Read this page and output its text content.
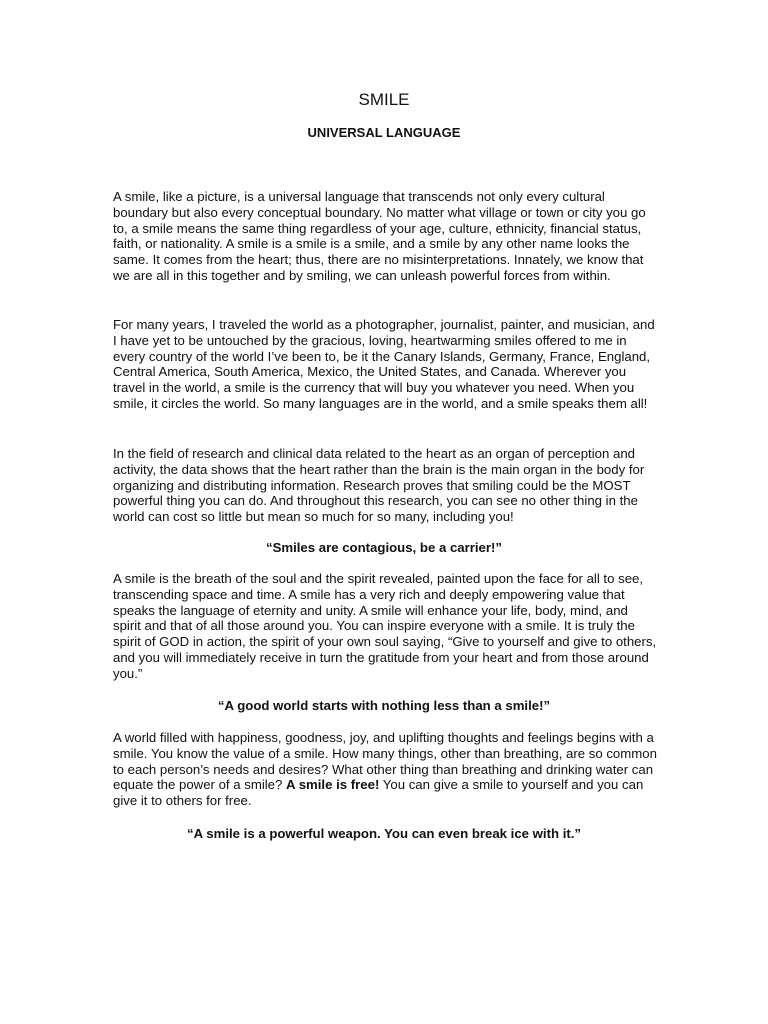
SMILE
UNIVERSAL LANGUAGE

A smile, like a picture, is a universal language that transcends not only every cultural boundary but also every conceptual boundary. No matter what village or town or city you go to, a smile means the same thing regardless of your age, culture, ethnicity, financial status, faith, or nationality. A smile is a smile is a smile, and a smile by any other name looks the same. It comes from the heart; thus, there are no misinterpretations. Innately, we know that we are all in this together and by smiling, we can unleash powerful forces from within.

For many years, I traveled the world as a photographer, journalist, painter, and musician, and I have yet to be untouched by the gracious, loving, heartwarming smiles offered to me in every country of the world I’ve been to, be it the Canary Islands, Germany, France, England, Central America, South America, Mexico, the United States, and Canada. Wherever you travel in the world, a smile is the currency that will buy you whatever you need. When you smile, it circles the world. So many languages are in the world, and a smile speaks them all!

In the field of research and clinical data related to the heart as an organ of perception and activity, the data shows that the heart rather than the brain is the main organ in the body for organizing and distributing information. Research proves that smiling could be the MOST powerful thing you can do. And throughout this research, you can see no other thing in the world can cost so little but mean so much for so many, including you!

“Smiles are contagious, be a carrier!”

A smile is the breath of the soul and the spirit revealed, painted upon the face for all to see, transcending space and time. A smile has a very rich and deeply empowering value that speaks the language of eternity and unity. A smile will enhance your life, body, mind, and spirit and that of all those around you. You can inspire everyone with a smile. It is truly the spirit of GOD in action, the spirit of your own soul saying, “Give to yourself and give to others, and you will immediately receive in turn the gratitude from your heart and from those around you.”

“A good world starts with nothing less than a smile!”

A world filled with happiness, goodness, joy, and uplifting thoughts and feelings begins with a smile. You know the value of a smile. How many things, other than breathing, are so common to each person’s needs and desires? What other thing than breathing and drinking water can equate the power of a smile? A smile is free! You can give a smile to yourself and you can give it to others for free.

“A smile is a powerful weapon. You can even break ice with it.”
